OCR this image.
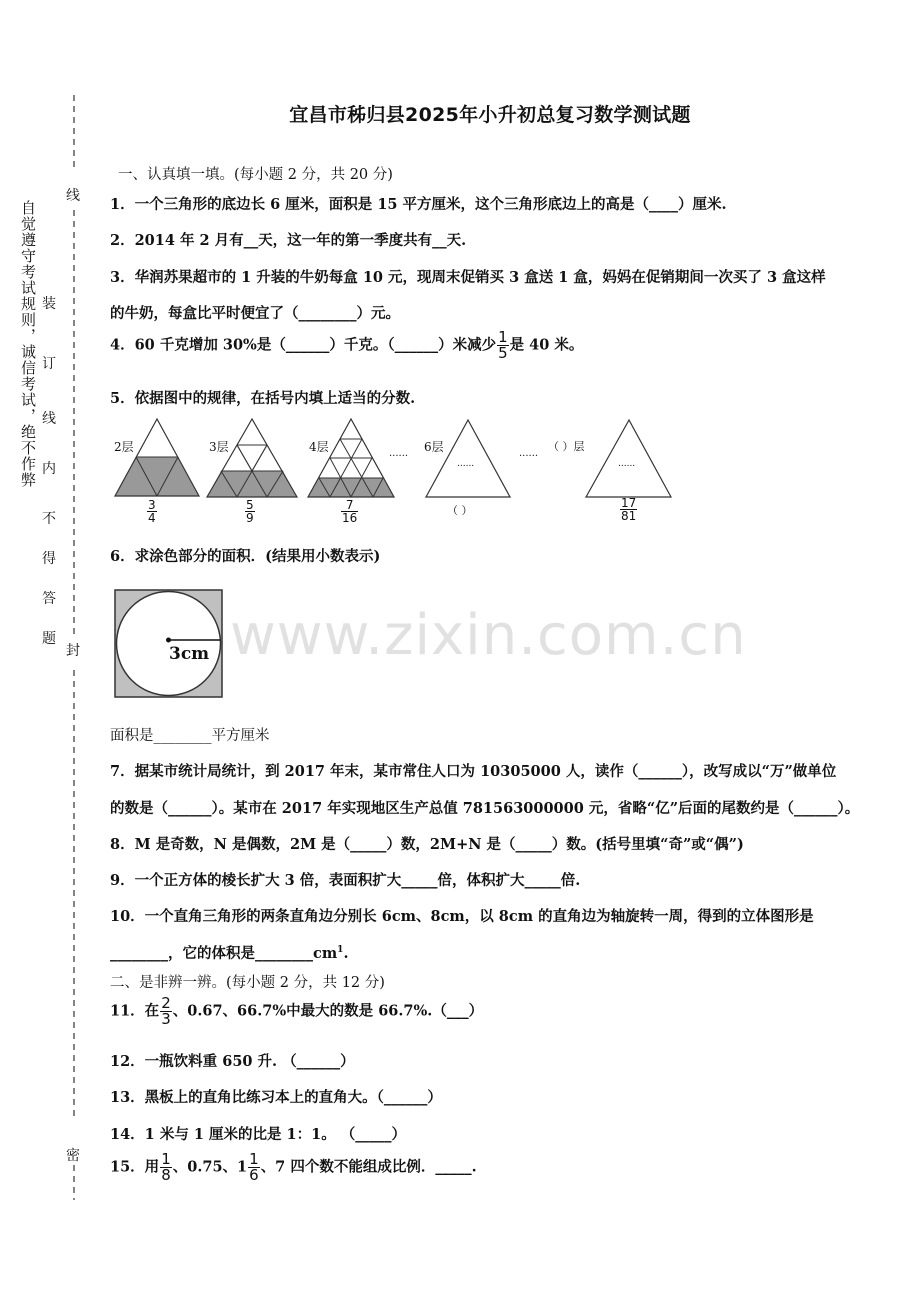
线
密
封
自觉遵守考试规则，诚信考试，绝不作弊 装
订
线
内
不
得
答
题
宜昌市秭归县2025年小升初总复习数学测试题
一、认真填一填。(每小题 2 分，共 20 分)
1．一个三角形的底边长 6 厘米，面积是 15 平方厘米，这个三角形底边上的高是（____）厘米.
2．2014 年 2 月有__天，这一年的第一季度共有__天.
3．华润苏果超市的 1 升装的牛奶每盒 10 元，现周末促销买 3 盒送 1 盒，妈妈在促销期间一次买了 3 盒这样
的牛奶，每盒比平时便宜了（________）元。
4．60 千克增加 30%是（______）千克。（______）米减少 $\frac{1}{5}$ 是 40 米。
5．依据图中的规律，在括号内填上适当的分数.
2层	3层	4层	6层	（ ）层
......	......
......	......
$\frac{3}{4}$	$\frac{5}{9}$	$\frac{7}{16}$	（ ）	$\frac{17}{81}$
6．求涂色部分的面积．(结果用小数表示)
3cm
面积是________平方厘米
7．据某市统计局统计，到 2017 年末，某市常住人口为 10305000 人，读作（______），改写成以“万”做单位
的数是（______）。某市在 2017 年实现地区生产总值 781563000000 元，省略“亿”后面的尾数约是（______）。
8．M 是奇数，N 是偶数，2M 是（_____）数，2M+N 是（_____）数。(括号里填“奇”或“偶”)
9．一个正方体的棱长扩大 3 倍，表面积扩大_____倍，体积扩大_____倍.
10．一个直角三角形的两条直角边分别长 6cm、8cm，以 8cm 的直角边为轴旋转一周，得到的立体图形是
________，它的体积是$\_\_\_\_\_\_\_\_cm^1$.
二、是非辨一辨。(每小题 2 分，共 12 分)
11．在 $\frac{2}{3}$ 、0.67、66.7%中最大的数是 66.7%.（___）
12．一瓶饮料重 650 升. （______）
13．黑板上的直角比练习本上的直角大。（______）
14．1 米与 1 厘米的比是 1：1。 （_____）
15．用 $\frac{1}{8}$ 、0.75、$1 \frac{1}{6}$ 、7 四个数不能组成比例．_____.
www.zixin.com.cn
